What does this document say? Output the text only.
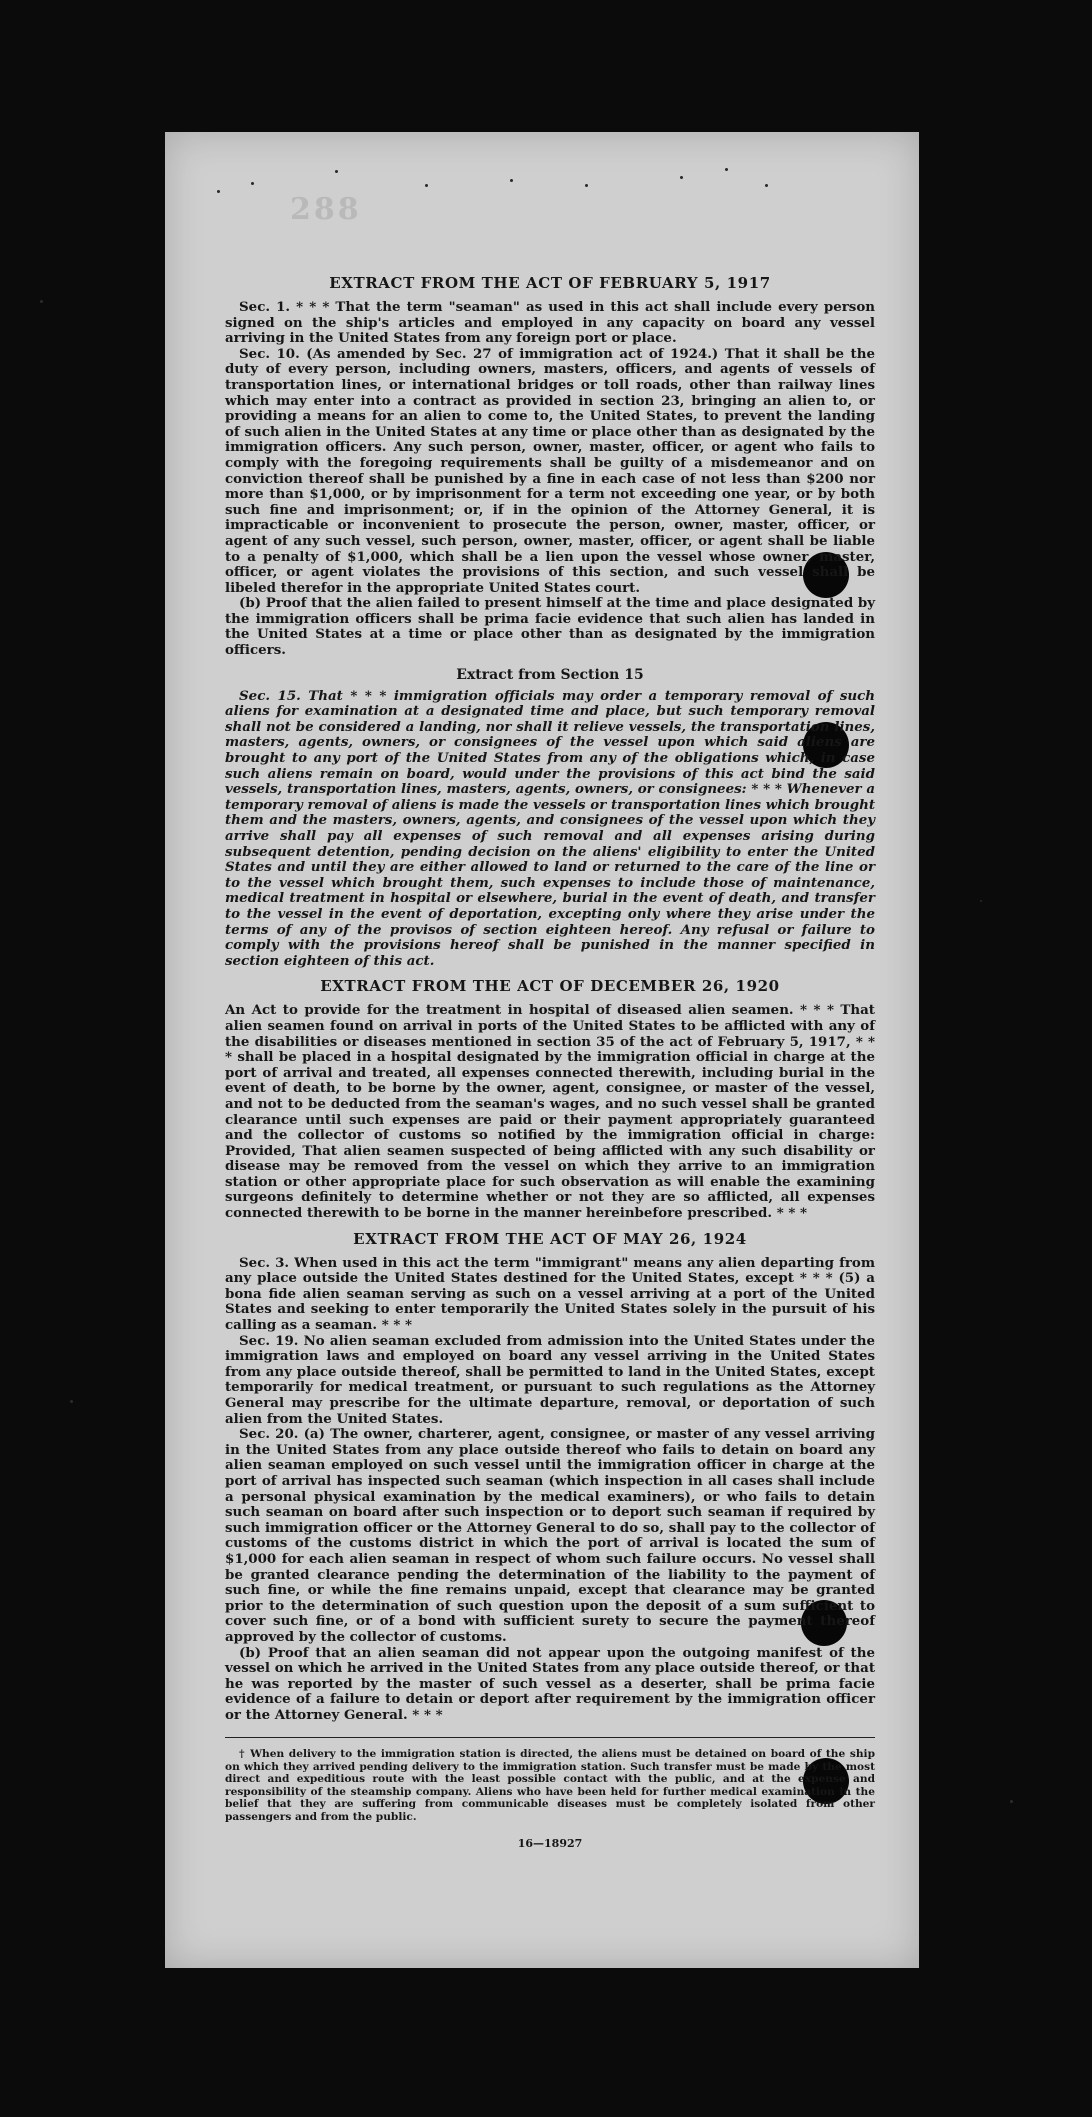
288
EXTRACT FROM THE ACT OF FEBRUARY 5, 1917

Sec. 1. * * * That the term "seaman" as used in this act shall include every person signed on the ship's articles and employed in any capacity on board any vessel arriving in the United States from any foreign port or place.

Sec. 10. (As amended by Sec. 27 of immigration act of 1924.) That it shall be the duty of every person, including owners, masters, officers, and agents of vessels of transportation lines, or international bridges or toll roads, other than railway lines which may enter into a contract as provided in section 23, bringing an alien to, or providing a means for an alien to come to, the United States, to prevent the landing of such alien in the United States at any time or place other than as designated by the immigration officers. Any such person, owner, master, officer, or agent who fails to comply with the foregoing requirements shall be guilty of a misdemeanor and on conviction thereof shall be punished by a fine in each case of not less than $200 nor more than $1,000, or by imprisonment for a term not exceeding one year, or by both such fine and imprisonment; or, if in the opinion of the Attorney General, it is impracticable or inconvenient to prosecute the person, owner, master, officer, or agent of any such vessel, such person, owner, master, officer, or agent shall be liable to a penalty of $1,000, which shall be a lien upon the vessel whose owner, master, officer, or agent violates the provisions of this section, and such vessel shall be libeled therefor in the appropriate United States court.

(b) Proof that the alien failed to present himself at the time and place designated by the immigration officers shall be prima facie evidence that such alien has landed in the United States at a time or place other than as designated by the immigration officers.

Extract from Section 15

Sec. 15. That * * * immigration officials may order a temporary removal of such aliens for examination at a designated time and place, but such temporary removal shall not be considered a landing, nor shall it relieve vessels, the transportation lines, masters, agents, owners, or consignees of the vessel upon which said aliens are brought to any port of the United States from any of the obligations which, in case such aliens remain on board, would under the provisions of this act bind the said vessels, transportation lines, masters, agents, owners, or consignees: * * * Whenever a temporary removal of aliens is made the vessels or transportation lines which brought them and the masters, owners, agents, and consignees of the vessel upon which they arrive shall pay all expenses of such removal and all expenses arising during subsequent detention, pending decision on the aliens' eligibility to enter the United States and until they are either allowed to land or returned to the care of the line or to the vessel which brought them, such expenses to include those of maintenance, medical treatment in hospital or elsewhere, burial in the event of death, and transfer to the vessel in the event of deportation, excepting only where they arise under the terms of any of the provisos of section eighteen hereof. Any refusal or failure to comply with the provisions hereof shall be punished in the manner specified in section eighteen of this act.

EXTRACT FROM THE ACT OF DECEMBER 26, 1920

An Act to provide for the treatment in hospital of diseased alien seamen. * * * That alien seamen found on arrival in ports of the United States to be afflicted with any of the disabilities or diseases mentioned in section 35 of the act of February 5, 1917, * * * shall be placed in a hospital designated by the immigration official in charge at the port of arrival and treated, all expenses connected therewith, including burial in the event of death, to be borne by the owner, agent, consignee, or master of the vessel, and not to be deducted from the seaman's wages, and no such vessel shall be granted clearance until such expenses are paid or their payment appropriately guaranteed and the collector of customs so notified by the immigration official in charge: Provided, That alien seamen suspected of being afflicted with any such disability or disease may be removed from the vessel on which they arrive to an immigration station or other appropriate place for such observation as will enable the examining surgeons definitely to determine whether or not they are so afflicted, all expenses connected therewith to be borne in the manner hereinbefore prescribed. * * *

EXTRACT FROM THE ACT OF MAY 26, 1924

Sec. 3. When used in this act the term "immigrant" means any alien departing from any place outside the United States destined for the United States, except * * * (5) a bona fide alien seaman serving as such on a vessel arriving at a port of the United States and seeking to enter temporarily the United States solely in the pursuit of his calling as a seaman. * * *

Sec. 19. No alien seaman excluded from admission into the United States under the immigration laws and employed on board any vessel arriving in the United States from any place outside thereof, shall be permitted to land in the United States, except temporarily for medical treatment, or pursuant to such regulations as the Attorney General may prescribe for the ultimate departure, removal, or deportation of such alien from the United States.

Sec. 20. (a) The owner, charterer, agent, consignee, or master of any vessel arriving in the United States from any place outside thereof who fails to detain on board any alien seaman employed on such vessel until the immigration officer in charge at the port of arrival has inspected such seaman (which inspection in all cases shall include a personal physical examination by the medical examiners), or who fails to detain such seaman on board after such inspection or to deport such seaman if required by such immigration officer or the Attorney General to do so, shall pay to the collector of customs of the customs district in which the port of arrival is located the sum of $1,000 for each alien seaman in respect of whom such failure occurs. No vessel shall be granted clearance pending the determination of the liability to the payment of such fine, or while the fine remains unpaid, except that clearance may be granted prior to the determination of such question upon the deposit of a sum sufficient to cover such fine, or of a bond with sufficient surety to secure the payment thereof approved by the collector of customs.

(b) Proof that an alien seaman did not appear upon the outgoing manifest of the vessel on which he arrived in the United States from any place outside thereof, or that he was reported by the master of such vessel as a deserter, shall be prima facie evidence of a failure to detain or deport after requirement by the immigration officer or the Attorney General. * * *

† When delivery to the immigration station is directed, the aliens must be detained on board of the ship on which they arrived pending delivery to the immigration station. Such transfer must be made by the most direct and expeditious route with the least possible contact with the public, and at the expense and responsibility of the steamship company. Aliens who have been held for further medical examination in the belief that they are suffering from communicable diseases must be completely isolated from other passengers and from the public.

16—18927
